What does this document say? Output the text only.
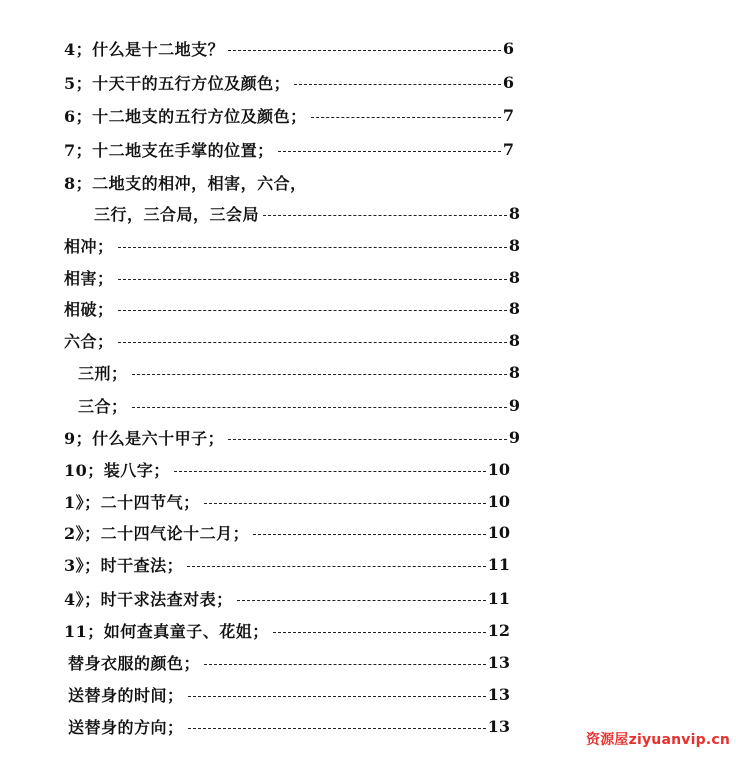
4；什么是十二地支？	6
5；十天干的五行方位及颜色；	6
6；十二地支的五行方位及颜色；	7
7；十二地支在手掌的位置；	7
8；二地支的相冲，相害，六合，
三行，三合局，三会局	8
相冲；	8
相害；	8
相破；	8
六合；	8
三刑；	8
三合；	9
9；什么是六十甲子；	9
10；装八字；	10
1》；二十四节气；	10
2》；二十四气论十二月；	10
3》；时干查法；	11
4》；时干求法查对表；	11
11；如何查真童子、花姐；	12
替身衣服的颜色；	13
送替身的时间；	13
送替身的方向；	13
资源屋ziyuanvip.cn
